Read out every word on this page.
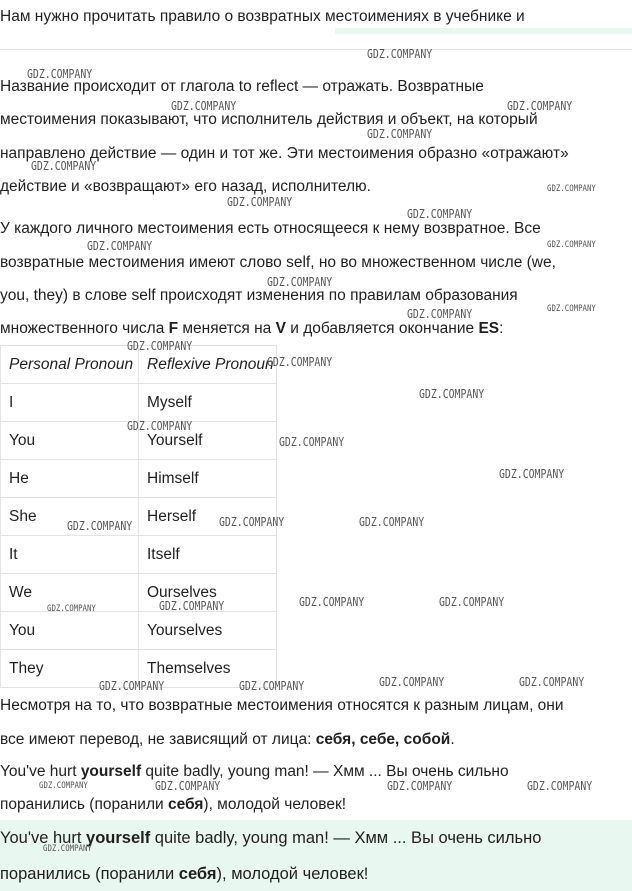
Нам нужно прочитать правило о возвратных местоимениях в учебнике и
Название происходит от глагола to reflect — отражать. Возвратные
местоимения показывают, что исполнитель действия и объект, на который
направлено действие — один и тот же. Эти местоимения образно «отражают»
действие и «возвращают» его назад, исполнителю.
У каждого личного местоимения есть относящееся к нему возвратное. Все
возвратные местоимения имеют слово self, но во множественном числе (we,
you, they) в слове self происходят изменения по правилам образования
множественного числа F меняется на V и добавляется окончание ES:
Personal Pronoun	Reflexive Pronoun
I	Myself
You	Yourself
He	Himself
She	Herself
It	Itself
We	Ourselves
You	Yourselves
They	Themselves
Несмотря на то, что возвратные местоимения относятся к разным лицам, они
все имеют перевод, не зависящий от лица: себя, себе, собой.
You've hurt yourself quite badly, young man! — Хмм ... Вы очень сильно
поранились (поранили себя), молодой человек!
You've hurt yourself quite badly, young man! — Хмм ... Вы очень сильно
поранились (поранили себя), молодой человек!
GDZ.COMPANY
GDZ.COMPANY
GDZ.COMPANY	GDZ.COMPANY
GDZ.COMPANY
GDZ.COMPANY
GDZ.COMPANY
GDZ.COMPANY
GDZ.COMPANY
GDZ.COMPANY	GDZ.COMPANY
GDZ.COMPANY
GDZ.COMPANY	GDZ.COMPANY
GDZ.COMPANY
GDZ.COMPANY
GDZ.COMPANY
GDZ.COMPANY
GDZ.COMPANY
GDZ.COMPANY
GDZ.COMPANY	GDZ.COMPANY	GDZ.COMPANY
GDZ.COMPANY	GDZ.COMPANY	GDZ.COMPANY	GDZ.COMPANY
GDZ.COMPANY	GDZ.COMPANY	GDZ.COMPANY	GDZ.COMPANY
GDZ.COMPANY	GDZ.COMPANY	GDZ.COMPANY	GDZ.COMPANY
GDZ.COMPANY
